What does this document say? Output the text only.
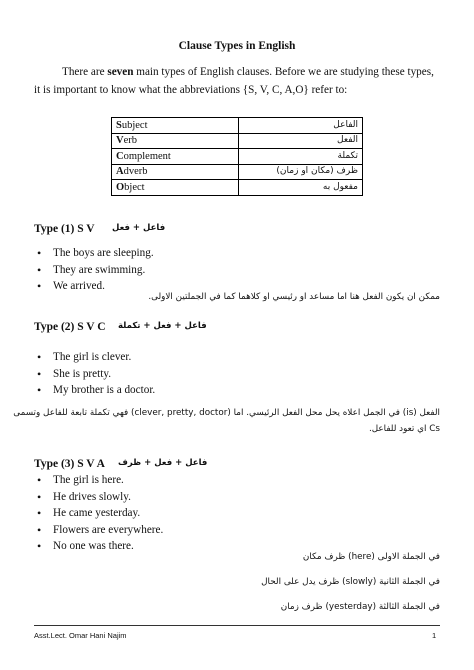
Clause Types in English
There are seven main types of English clauses. Before we are studying these types,
it is important to know what the abbreviations {S, V, C, A,O} refer to:
Subject	الفاعل
Verb	الفعل
Complement	تكملة
Adverb	ظرف (مكان او زمان)
Object	مفعول به
Type (1) S V فاعل + فعل
• The boys are sleeping.
• They are swimming.
• We arrived.
ممكن ان يكون الفعل هنا اما مساعد او رئيسي او كلاهما كما في الجملتين الاولى.
Type (2) S V C فاعل + فعل + تكملة
• The girl is clever.
• She is pretty.
• My brother is a doctor.
الفعل (is) في الجمل اعلاه يحل محل الفعل الرئيسي. اما (clever, pretty, doctor) فهي تكملة تابعة للفاعل وتسمى
Cs اي تعود للفاعل.
Type (3) S V A فاعل + فعل + ظرف
• The girl is here.
• He drives slowly.
• He came yesterday.
• Flowers are everywhere.
• No one was there.
في الجملة الاولى (here) ظرف مكان
في الجملة الثانية (slowly) ظرف يدل على الحال
في الجملة الثالثة (yesterday) ظرف زمان
Asst.Lect. Omar Hani Najim	1
